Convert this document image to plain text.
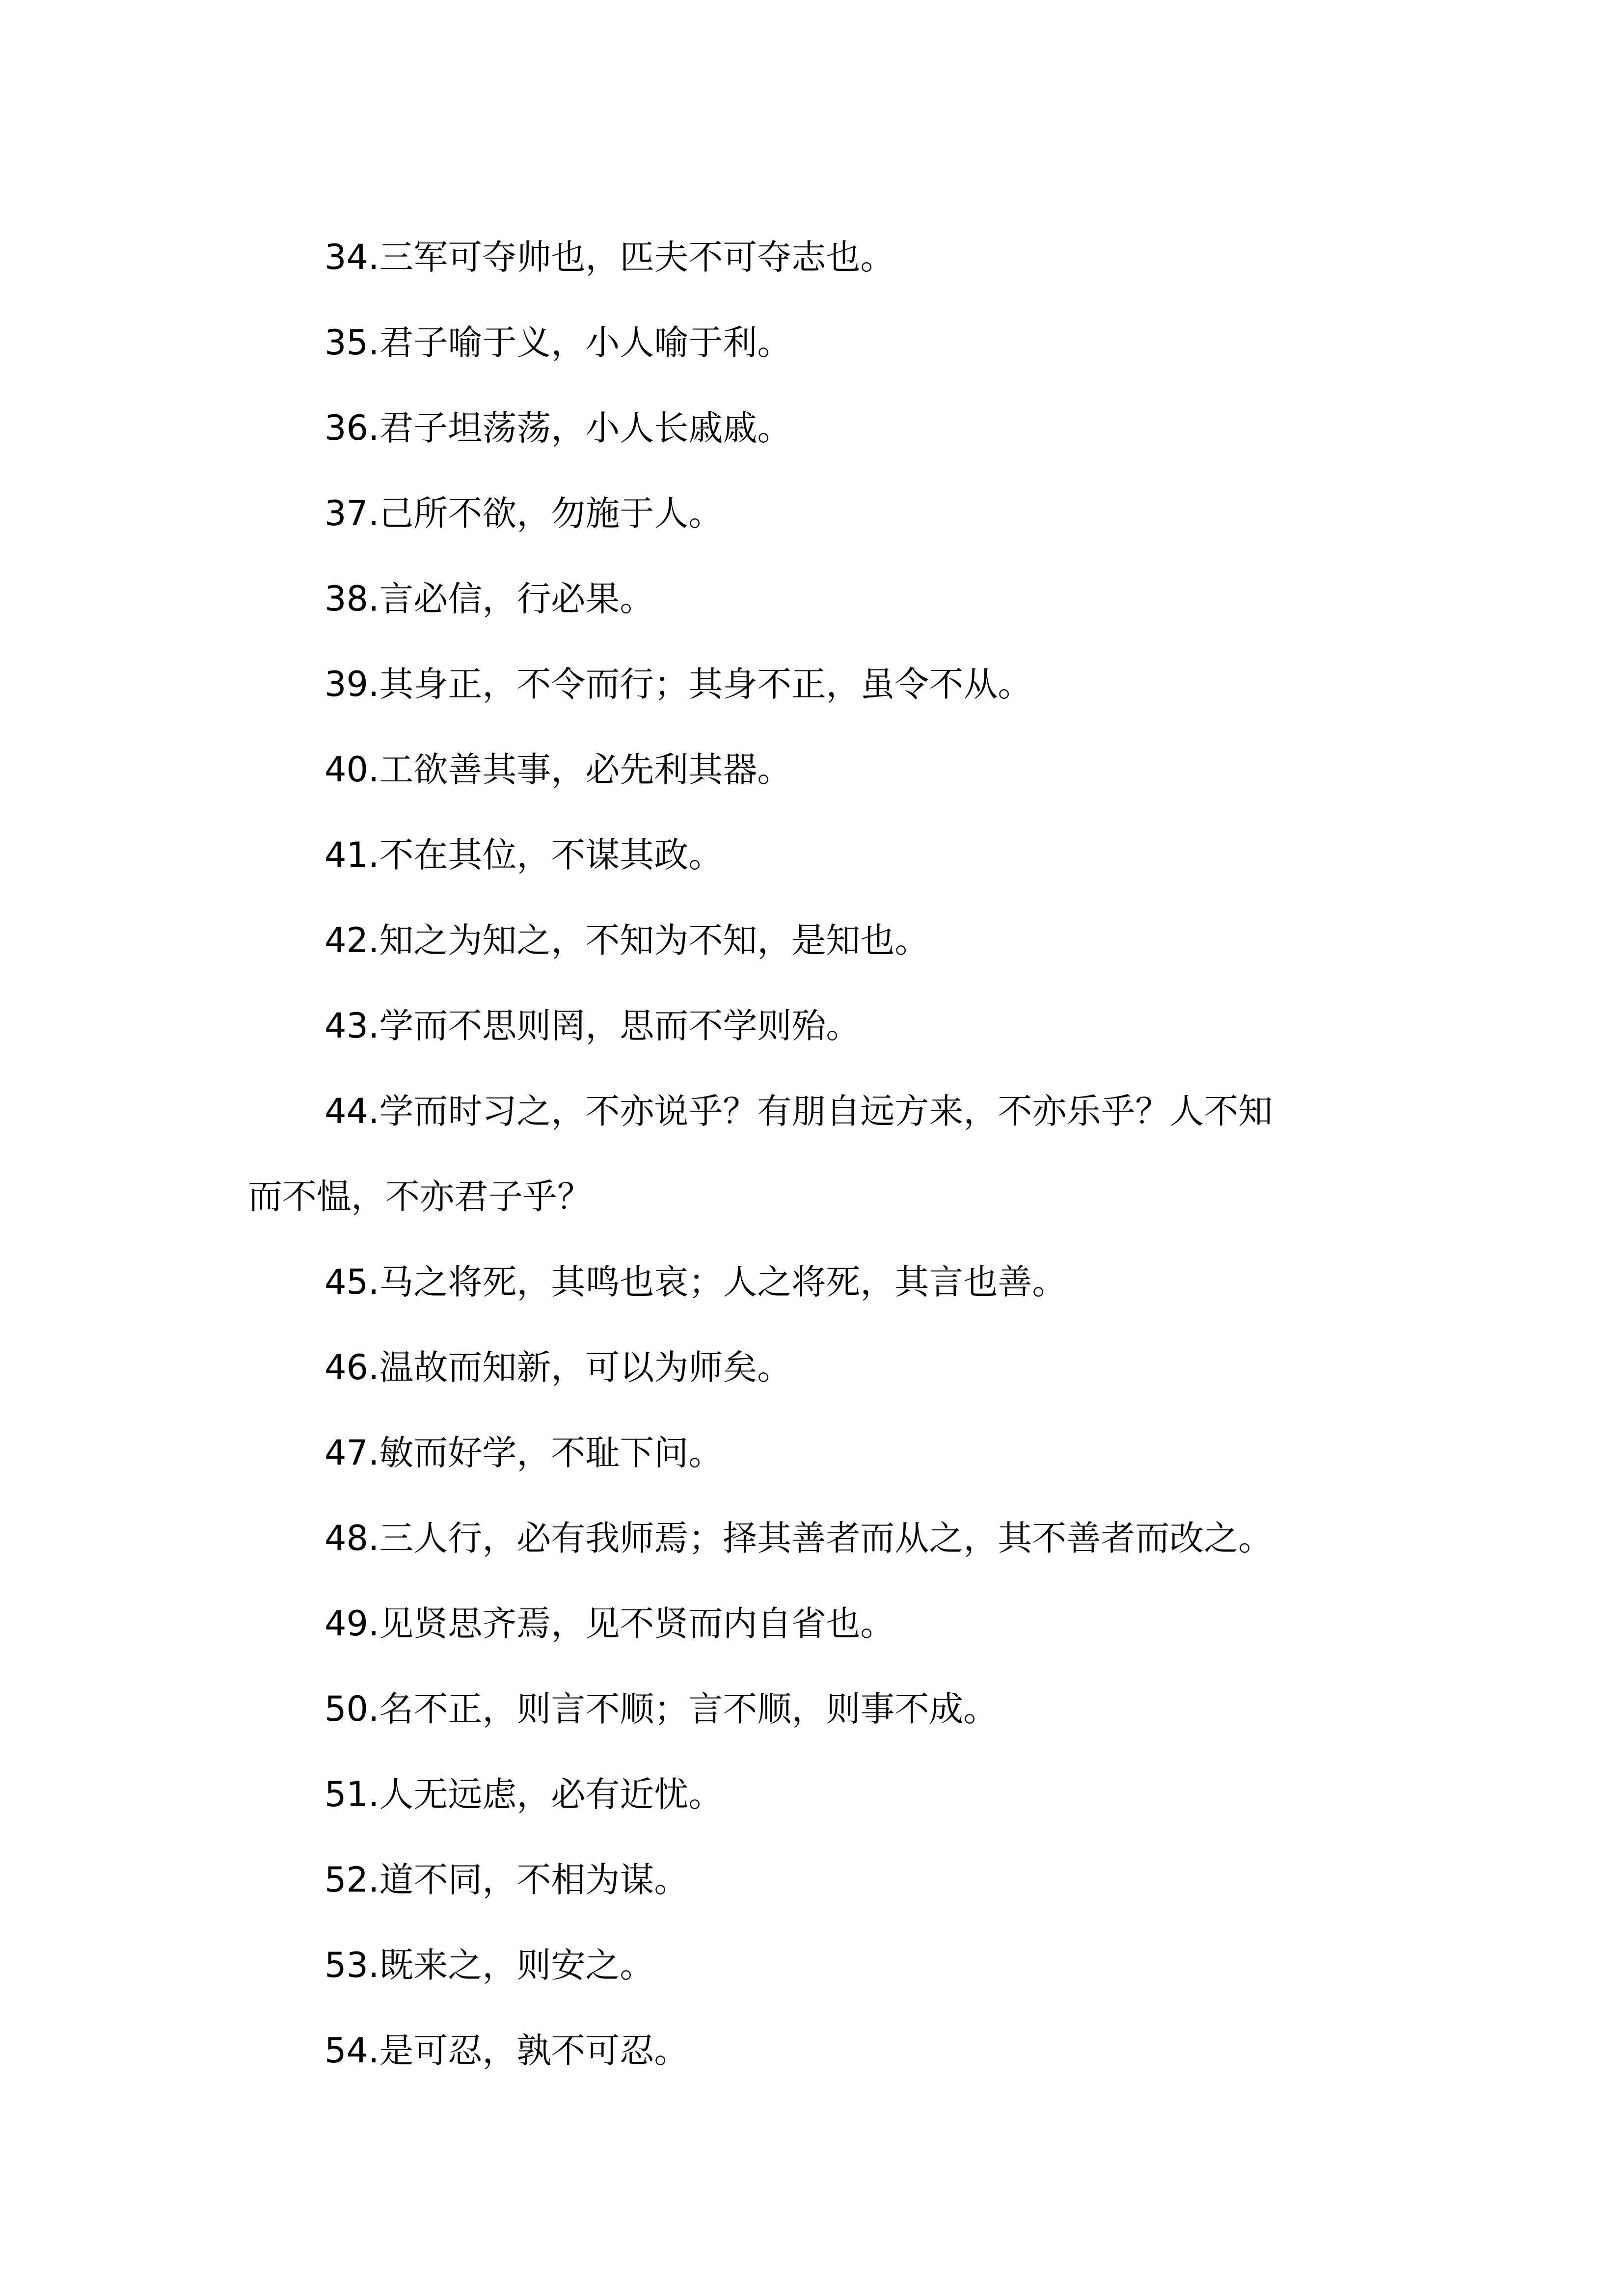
34.三军可夺帅也，匹夫不可夺志也。

35.君子喻于义，小人喻于利。

36.君子坦荡荡，小人长戚戚。

37.己所不欲，勿施于人。

38.言必信，行必果。

39.其身正，不令而行；其身不正，虽令不从。

40.工欲善其事，必先利其器。

41.不在其位，不谋其政。

42.知之为知之，不知为不知，是知也。

43.学而不思则罔，思而不学则殆。

44.学而时习之，不亦说乎？有朋自远方来，不亦乐乎？人不知

而不愠，不亦君子乎？

45.马之将死，其鸣也哀；人之将死，其言也善。

46.温故而知新，可以为师矣。

47.敏而好学，不耻下问。

48.三人行，必有我师焉；择其善者而从之，其不善者而改之。

49.见贤思齐焉，见不贤而内自省也。

50.名不正，则言不顺；言不顺，则事不成。

51.人无远虑，必有近忧。

52.道不同，不相为谋。

53.既来之，则安之。

54.是可忍，孰不可忍。
